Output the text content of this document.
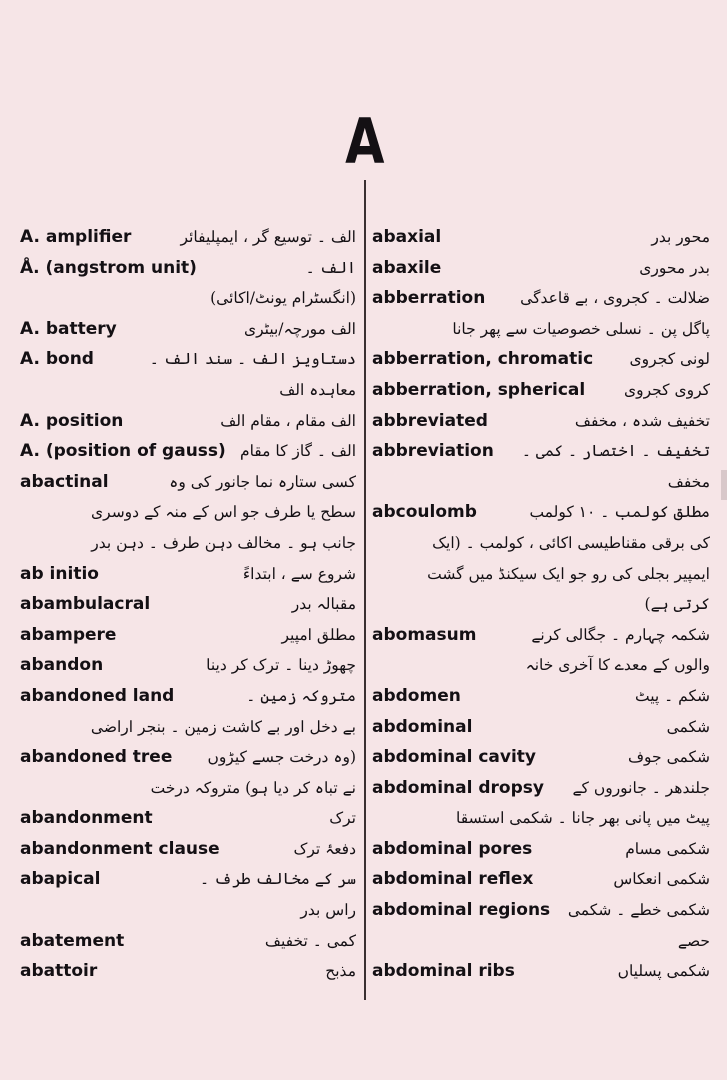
A
A. amplifier	الف ۔ توسیع گر ، ایمپلیفائر
Å. (angstrom unit)	الف ۔
(انگسٹرام یونٹ/اکائی)
A. battery	الف مورچہ/بیٹری
A. bond	دستاویز الف ۔ سند الف ۔
معاہدہ الف
A. position	الف مقام ، مقام الف
A. (position of gauss) الف ۔ گاز کا مقام
abactinal	کسی ستارہ نما جانور کی وہ
سطح یا طرف جو اس کے منہ کے دوسری
جانب ہو ۔ مخالف دہن طرف ۔ دہن بدر
ab initio	شروع سے ، ابتداءً
abambulacral	مقبالہ بدر
abampere	مطلق امپیر
abandon	چھوڑ دینا ۔ ترک کر دینا
abandoned land	متروکہ زمین ۔
بے دخل اور بے کاشت زمین ۔ بنجر اراضی
abandoned tree	(وہ درخت جسے کیڑوں
نے تباہ کر دیا ہو) متروکہ درخت
abandonment	ترک
abandonment clause	دفعۂ ترک
abapical	سر کے مخالف طرف ۔
راس بدر
abatement	کمی ۔ تخفیف
abattoir	مذبح
abaxial	محور بدر
abaxile	بدر محوری
abberration	ضلالت ۔ کجروی ، بے قاعدگی
پاگل پن ۔ نسلی خصوصیات سے پھر جانا
abberration, chromatic	لونی کجروی
abberration, spherical	کروی کجروی
abbreviated	تخفیف شدہ ، مخفف
abbreviation	تخفیف ۔ اختصار ۔ کمی ۔
مخفف
abcoulomb	مطلق کولمب ۔ ۱۰ کولمب
کی برقی مقناطیسی اکائی ، کولمب ۔ (ایک
ایمپیر بجلی کی رو جو ایک سیکنڈ میں گشت
کرتی ہے)
abomasum	شکمہ چہارم ۔ جگالی کرنے
والوں کے معدے کا آخری خانہ
abdomen	شکم ۔ پیٹ
abdominal	شکمی
abdominal cavity	شکمی جوف
abdominal dropsy	جلندھر ۔ جانوروں کے
پیٹ میں پانی بھر جانا ۔ شکمی استسقا
abdominal pores	شکمی مسام
abdominal reflex	شکمی انعکاس
abdominal regions	شکمی خطے ۔ شکمی
حصے
abdominal ribs	شکمی پسلیاں
